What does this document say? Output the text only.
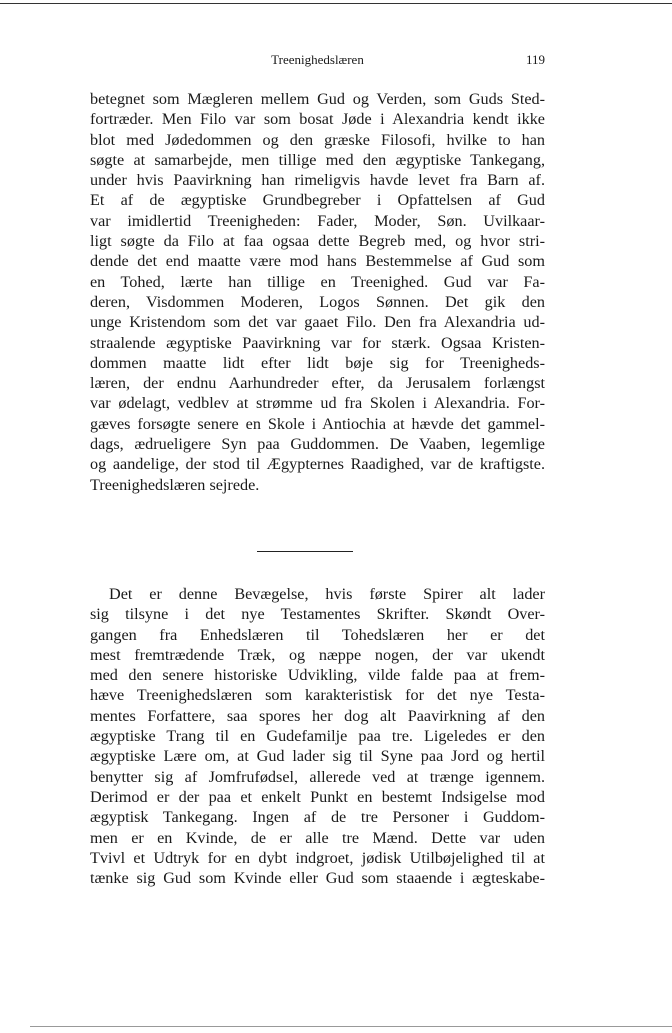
Treenighedslæren	119
betegnet som Mægleren mellem Gud og Verden, som Guds Sted-
fortræder. Men Filo var som bosat Jøde i Alexandria kendt ikke
blot med Jødedommen og den græske Filosofi, hvilke to han
søgte at samarbejde, men tillige med den ægyptiske Tankegang,
under hvis Paavirkning han rimeligvis havde levet fra Barn af.
Et af de ægyptiske Grundbegreber i Opfattelsen af Gud
var imidlertid Treenigheden: Fader, Moder, Søn. Uvilkaar-
ligt søgte da Filo at faa ogsaa dette Begreb med, og hvor stri-
dende det end maatte være mod hans Bestemmelse af Gud som
en Tohed, lærte han tillige en Treenighed. Gud var Fa-
deren, Visdommen Moderen, Logos Sønnen. Det gik den
unge Kristendom som det var gaaet Filo. Den fra Alexandria ud-
straalende ægyptiske Paavirkning var for stærk. Ogsaa Kristen-
dommen maatte lidt efter lidt bøje sig for Treenigheds-
læren, der endnu Aarhundreder efter, da Jerusalem forlængst
var ødelagt, vedblev at strømme ud fra Skolen i Alexandria. For-
gæves forsøgte senere en Skole i Antiochia at hævde det gammel-
dags, ædrueligere Syn paa Guddommen. De Vaaben, legemlige
og aandelige, der stod til Ægypternes Raadighed, var de kraftigste.
Treenighedslæren sejrede.
Det er denne Bevægelse, hvis første Spirer alt lader
sig tilsyne i det nye Testamentes Skrifter. Skøndt Over-
gangen fra Enhedslæren til Tohedslæren her er det
mest fremtrædende Træk, og næppe nogen, der var ukendt
med den senere historiske Udvikling, vilde falde paa at frem-
hæve Treenighedslæren som karakteristisk for det nye Testa-
mentes Forfattere, saa spores her dog alt Paavirkning af den
ægyptiske Trang til en Gudefamilje paa tre. Ligeledes er den
ægyptiske Lære om, at Gud lader sig til Syne paa Jord og hertil
benytter sig af Jomfrufødsel, allerede ved at trænge igennem.
Derimod er der paa et enkelt Punkt en bestemt Indsigelse mod
ægyptisk Tankegang. Ingen af de tre Personer i Guddom-
men er en Kvinde, de er alle tre Mænd. Dette var uden
Tvivl et Udtryk for en dybt indgroet, jødisk Utilbøjelighed til at
tænke sig Gud som Kvinde eller Gud som staaende i ægteskabe-
